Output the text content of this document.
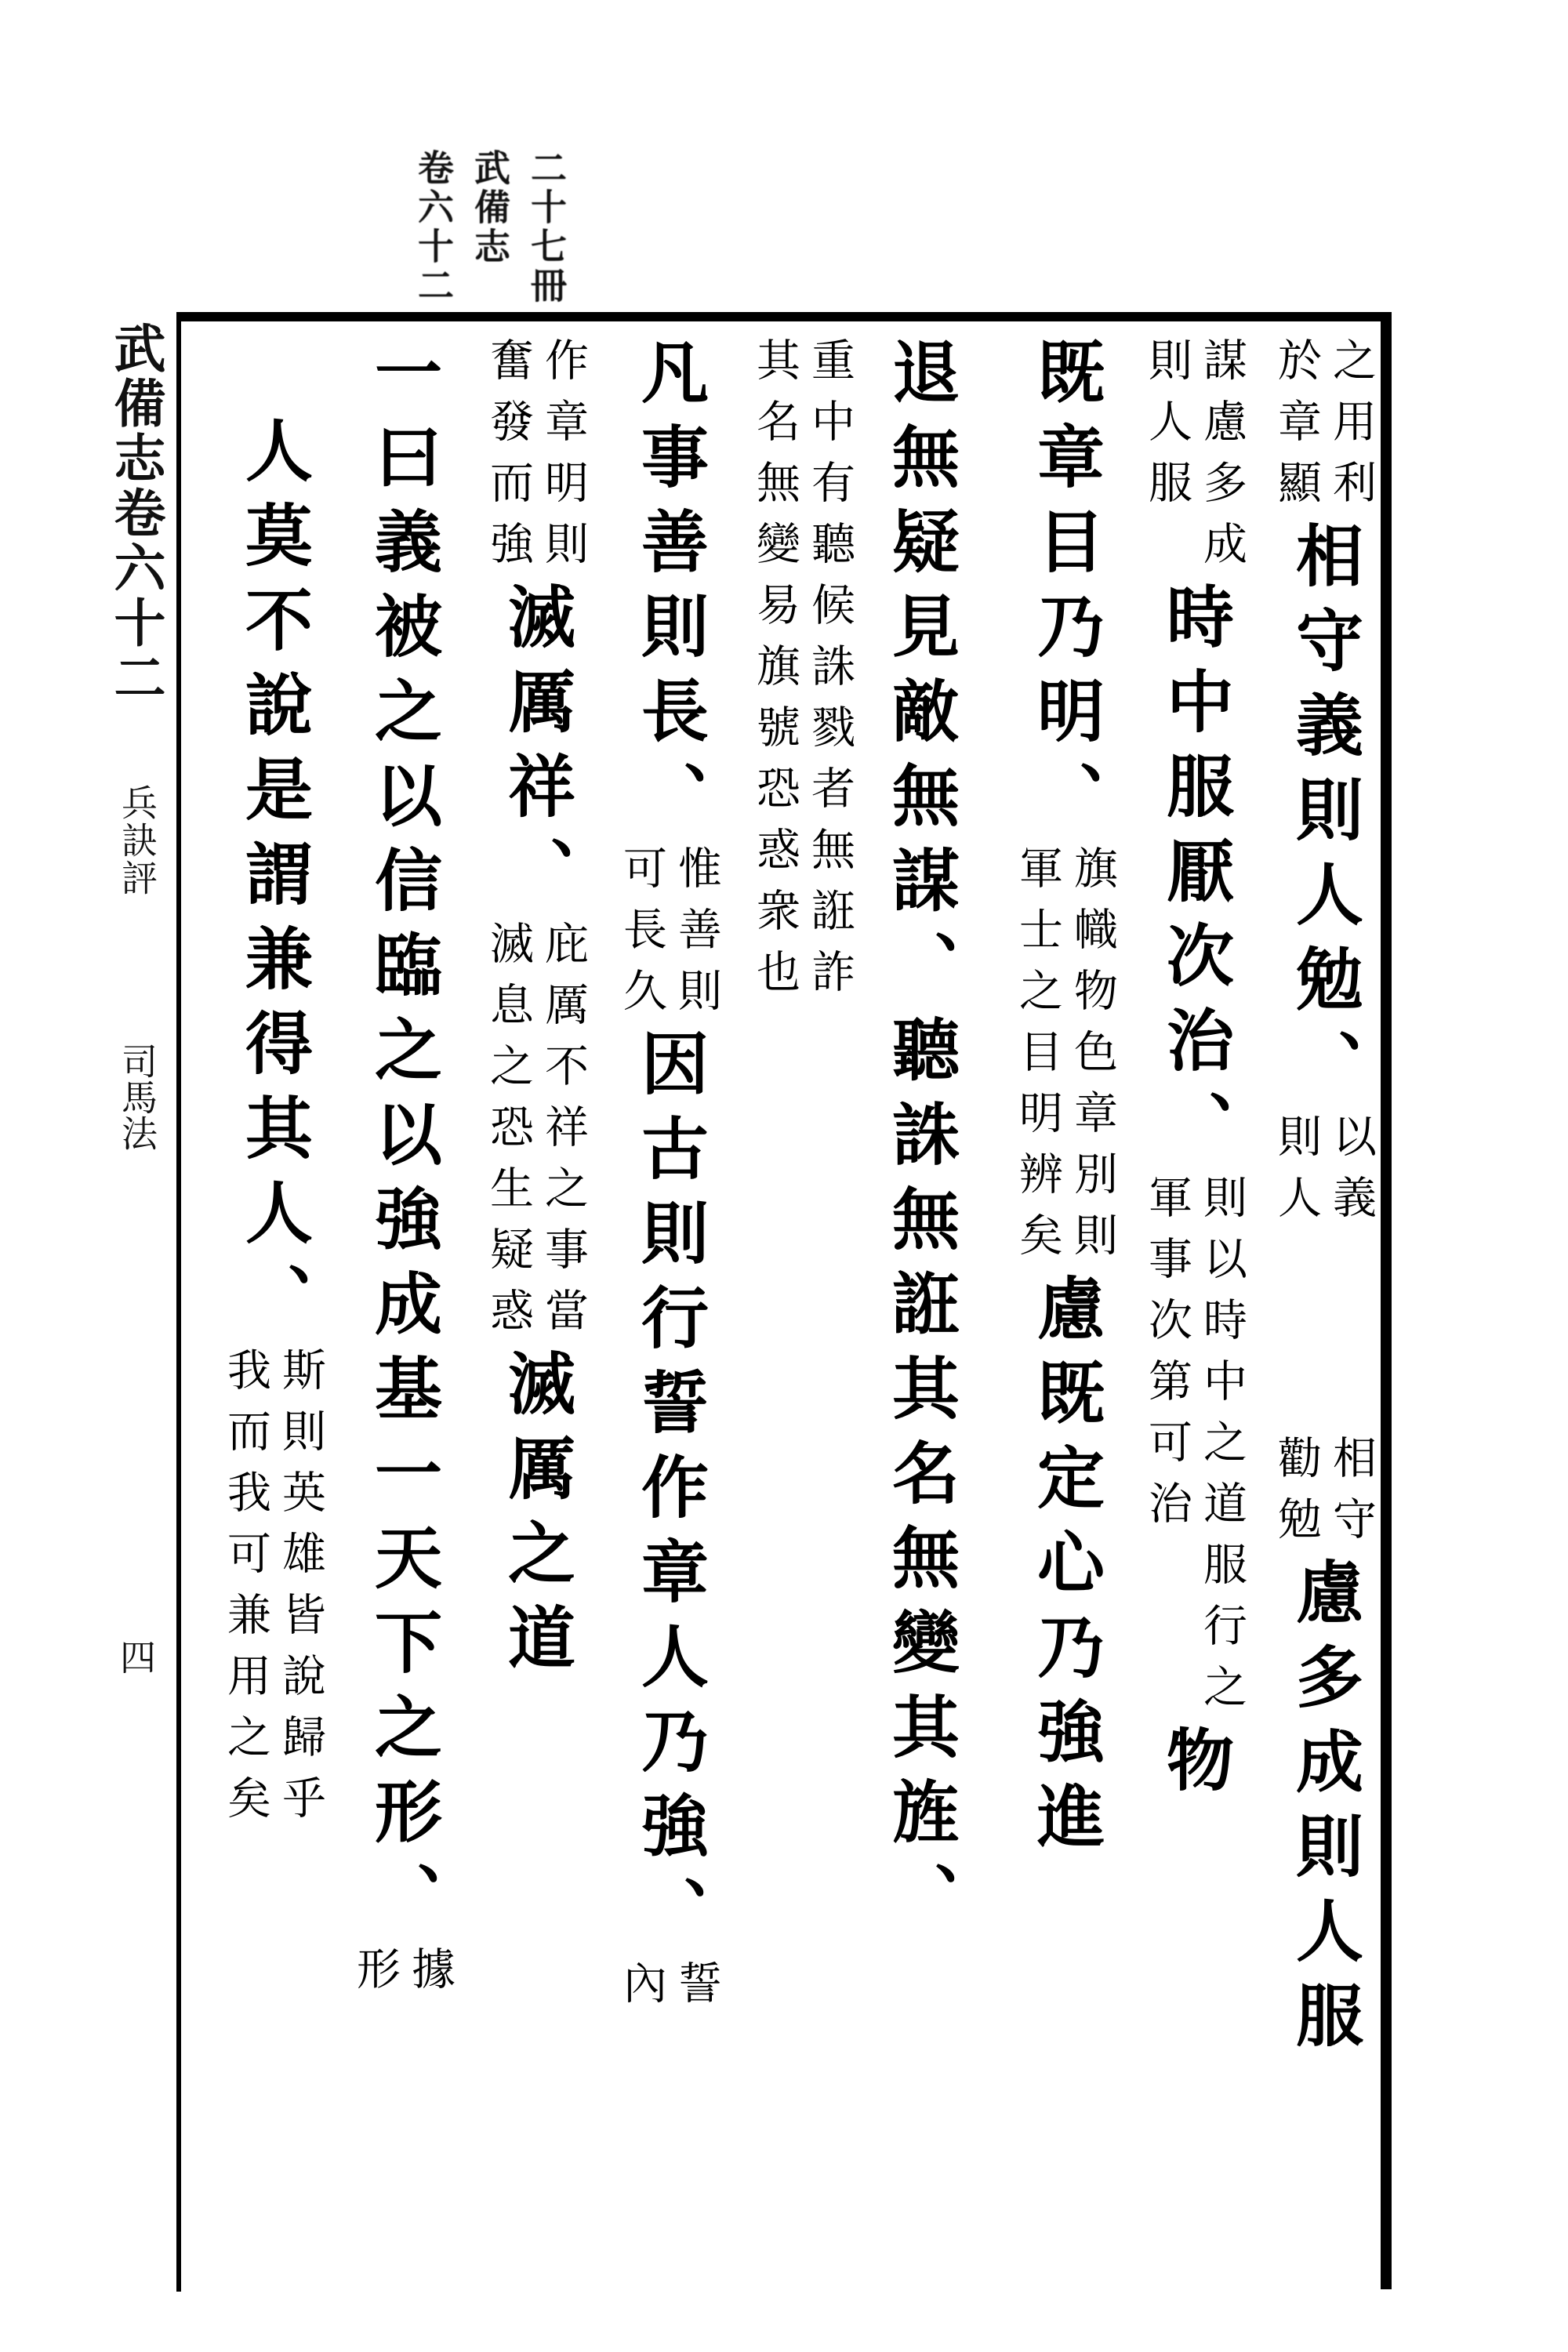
二十七冊
武備志
卷六十二
武備志卷六十二
兵訣評
司馬法
四
之用
於章
利
顯
相守義則人勉、
以義
則人
相守
勸勉
慮多成則人服
謀慮多成
則人服
時中服厭次治、
則以時中之道服行之
軍事次第可治
物
既章目乃明、
旗幟物色章別則
軍士之目明辨矣
慮既定心乃強進
退無疑見敵無謀、聽誅無誑其名無變其旌、
重中有聽候誅戮者無誑詐
其名無變易旗號恐惑衆也
凡事善則長、
惟善則
可長久
因古則行誓作章人乃強、
誓
內
作章明則
奮發而強
滅厲祥、
庇厲不祥之事當
滅息之恐生疑惑
滅厲之道
一曰義被之以信臨之以強成基一天下之形、
據
形
人莫不說是謂兼得其人、
斯則英雄皆說歸乎
我而我可兼用之矣
